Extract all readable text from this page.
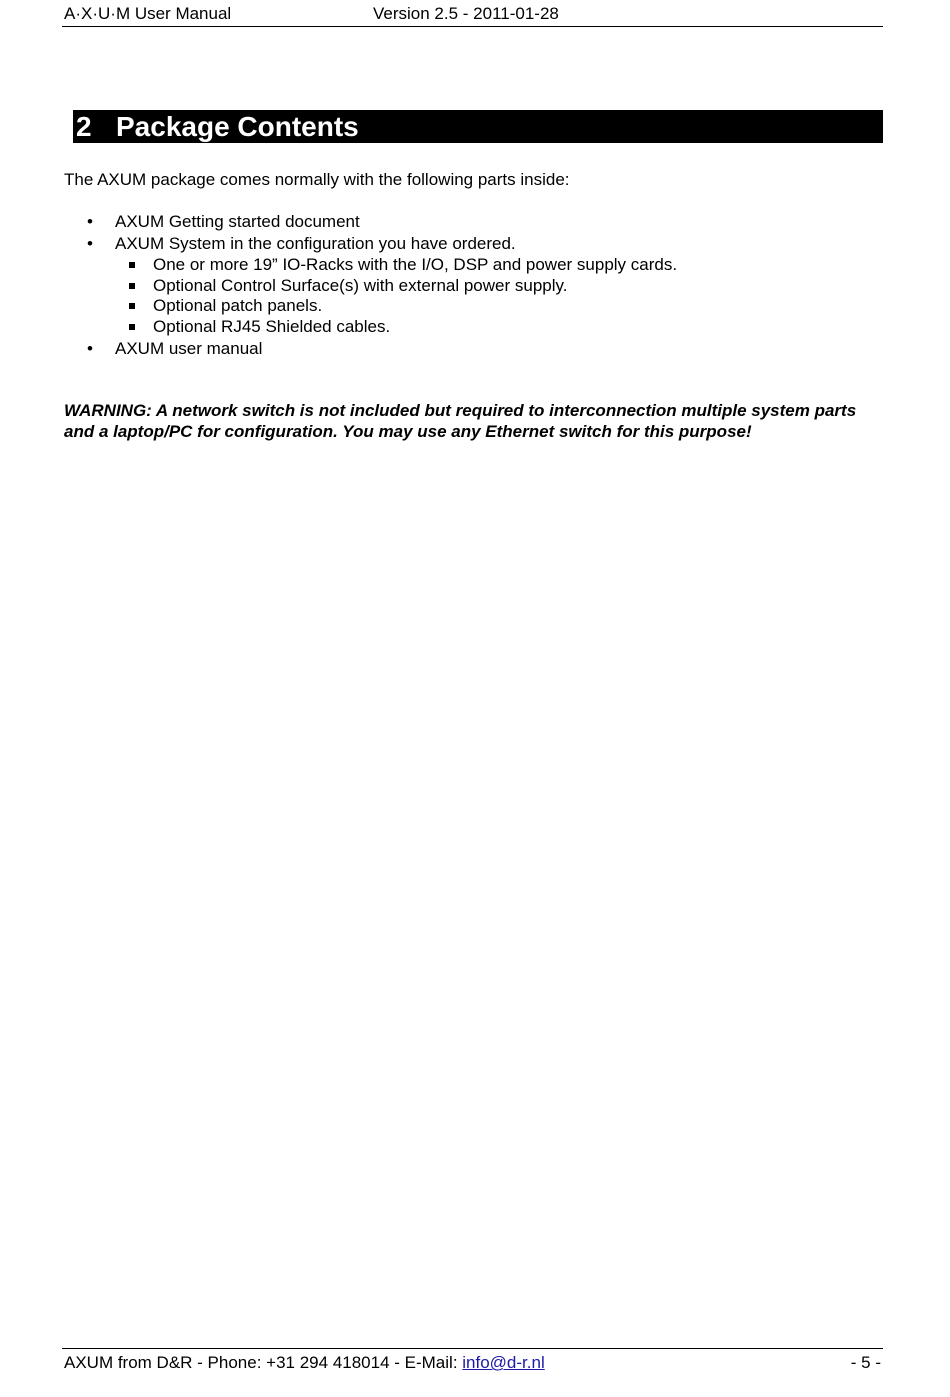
A·X·U·M User Manual	Version 2.5 - 2011-01-28
2 Package Contents
The AXUM package comes normally with the following parts inside:
• AXUM Getting started document
• AXUM System in the configuration you have ordered.
One or more 19” IO-Racks with the I/O, DSP and power supply cards.
Optional Control Surface(s) with external power supply.
Optional patch panels.
Optional RJ45 Shielded cables.
• AXUM user manual
WARNING: A network switch is not included but required to interconnection multiple system parts and a laptop/PC for configuration. You may use any Ethernet switch for this purpose!
AXUM from D&R - Phone: +31 294 418014 - E-Mail: info@d-r.nl	- 5 -
